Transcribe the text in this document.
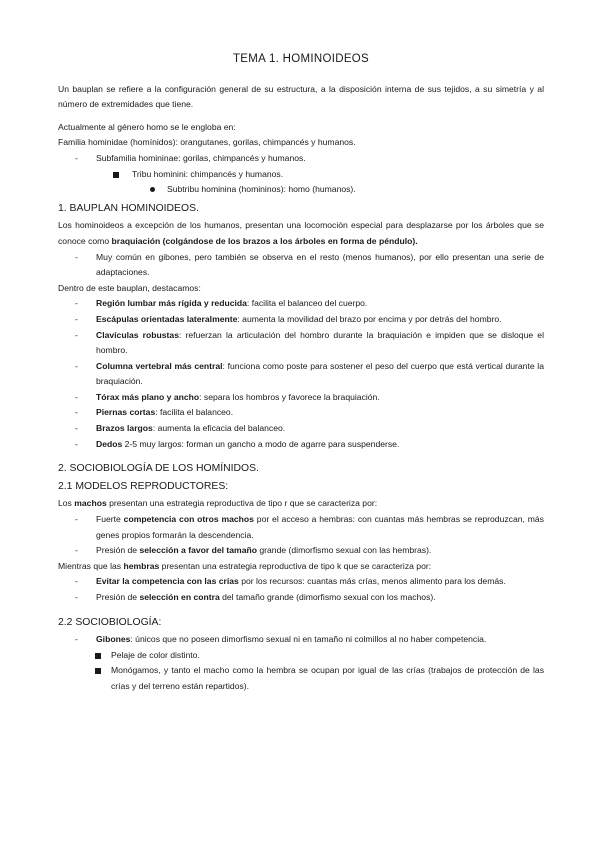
TEMA 1. HOMINOIDEOS

Un bauplan se refiere a la configuración general de su estructura, a la disposición interna de sus tejidos, a su simetría y al número de extremidades que tiene.

Actualmente al género homo se le engloba en:

Familia hominidae (homínidos): orangutanes, gorilas, chimpancés y humanos.

- Subfamilia homininae: gorilas, chimpancés y humanos.
Tribu hominini: chimpancés y humanos.
Subtribu hominina (homininos): homo (humanos).
1. BAUPLAN HOMINOIDEOS.

Los hominoideos a excepción de los humanos, presentan una locomoción especial para desplazarse por los árboles que se conoce como braquiación (colgándose de los brazos a los árboles en forma de péndulo).

- Muy común en gibones, pero también se observa en el resto (menos humanos), por ello presentan una serie de adaptaciones.

Dentro de este bauplan, destacamos:

- Región lumbar más rígida y reducida: facilita el balanceo del cuerpo.
- Escápulas orientadas lateralmente: aumenta la movilidad del brazo por encima y por detrás del hombro.
- Clavículas robustas: refuerzan la articulación del hombro durante la braquiación e impiden que se disloque el hombro.
- Columna vertebral más central: funciona como poste para sostener el peso del cuerpo que está vertical durante la braquiación.
- Tórax más plano y ancho: separa los hombros y favorece la braquiación.
- Piernas cortas: facilita el balanceo.
- Brazos largos: aumenta la eficacia del balanceo.
- Dedos 2-5 muy largos: forman un gancho a modo de agarre para suspenderse.
2. SOCIOBIOLOGÍA DE LOS HOMÍNIDOS.
2.1 MODELOS REPRODUCTORES:

Los machos presentan una estrategia reproductiva de tipo r que se caracteriza por:

- Fuerte competencia con otros machos por el acceso a hembras: con cuantas más hembras se reproduzcan, más genes propios formarán la descendencia.
- Presión de selección a favor del tamaño grande (dimorfismo sexual con las hembras).

Mientras que las hembras presentan una estrategia reproductiva de tipo k que se caracteriza por:

- Evitar la competencia con las crías por los recursos: cuantas más crías, menos alimento para los demás.
- Presión de selección en contra del tamaño grande (dimorfismo sexual con los machos).
2.2 SOCIOBIOLOGÍA:
- Gibones: únicos que no poseen dimorfismo sexual ni en tamaño ni colmillos al no haber competencia.
Pelaje de color distinto.
Monógamos, y tanto el macho como la hembra se ocupan por igual de las crías (trabajos de protección de las crías y del terreno están repartidos).
